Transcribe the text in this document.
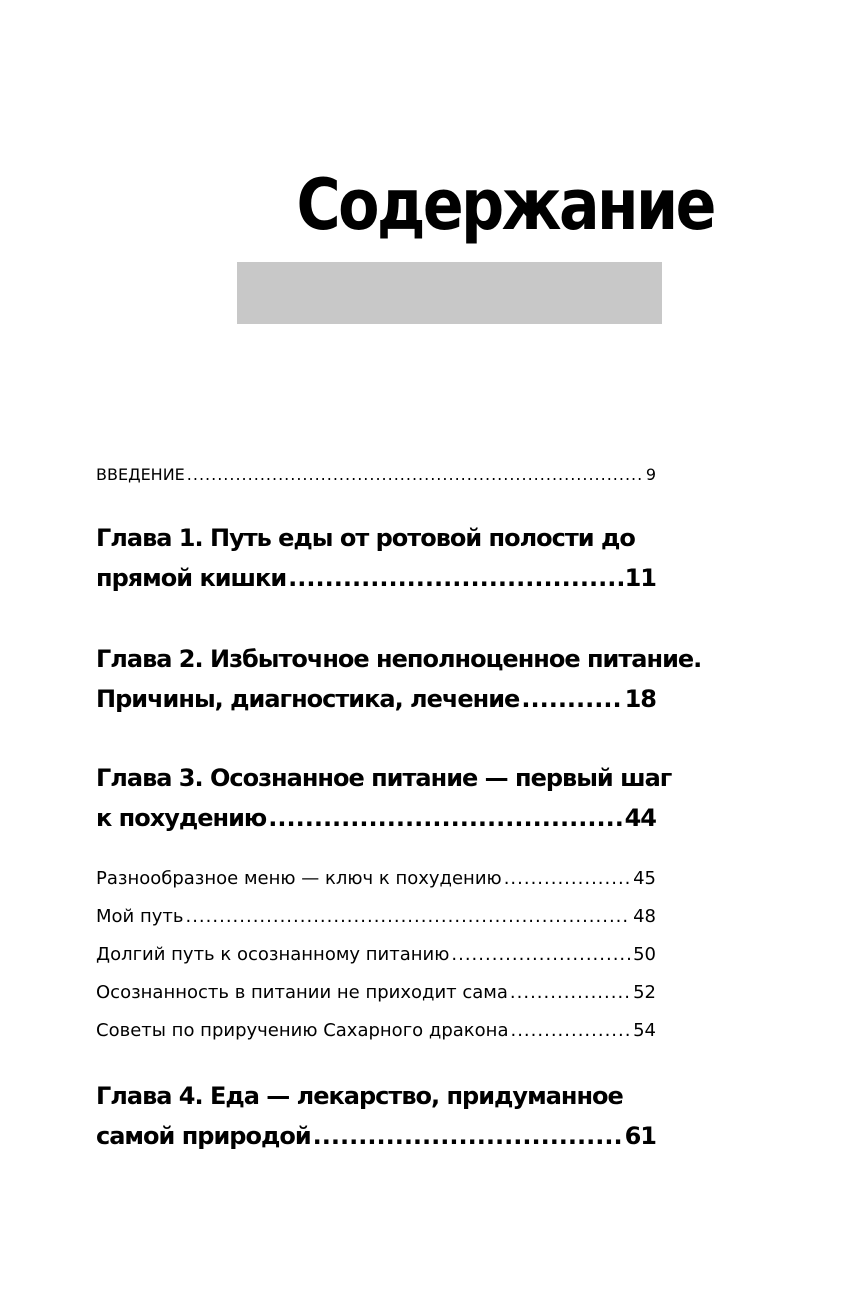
Содержание
ВВЕДЕНИЕ .....	9
Глава 1. Путь еды от ротовой полости до
прямой кишки .....	11
Глава 2. Избыточное неполноценное питание.
Причины, диагностика, лечение .....	18
Глава 3. Осознанное питание — первый шаг
к похудению .....	44
Разнообразное меню — ключ к похудению .....	45
Мой путь .....	48
Долгий путь к осознанному питанию .....	50
Осознанность в питании не приходит сама .....	52
Советы по приручению Сахарного дракона .....	54
Глава 4. Еда — лекарство, придуманное
самой природой .....	61
